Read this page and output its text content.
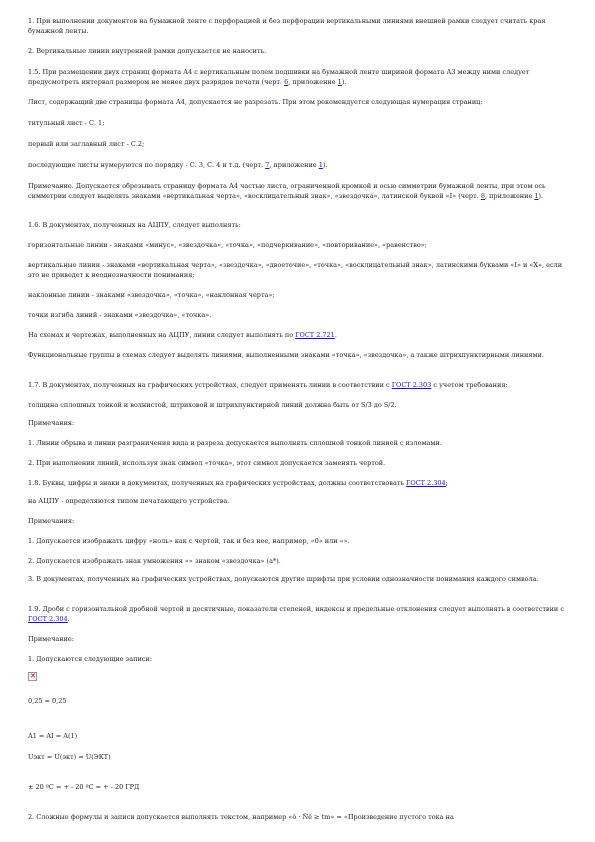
1. При выполнении документов на бумажной ленте с перфорацией и без перфорации вертикальными линиями внешней рамки следует считать края бумажной ленты.

2. Вертикальные линии внутренней рамки допускается не наносить.

1.5. При размещении двух страниц формата А4 с вертикальным полем подшивки на бумажной ленте шириной формата А3 между ними следует предусмотреть интервал размером не менее двух разрядов печати (черт. 6, приложение 1).

Лист, содержащий две страницы формата А4, допускается не разрезать. При этом рекомендуется следующая нумерация страниц:

титульный лист - С. 1;

первый или заглавный лист - С.2;

последующие листы нумеруются по порядку - С. 3, С. 4 и т.д. (черт. 7, приложение 1).

Примечание. Допускается обрезывать страницу формата А4 частью листа, ограниченной кромкой и осью симметрии бумажной ленты, при этом ось симметрии следует выделять знаками «вертикальная черта», «восклицательный знак», «звездочка», латинской буквой «I» (черт. 8, приложение 1).

1.6. В документах, полученных на АЦПУ, следует выполнять:

горизонтальные линии - знаками «минус», «звездочка», «точка», «подчеркивание», «повторивание», «равенство»;

вертикальные линии - знаками «вертикальная черта», «звездочка», «двоеточие», «точка», «восклицательный знак», латинскими буквами «I» и «Х», если это не приведет к неоднозначности понимания;

наклонные линии - знаками «звездочка», «точка», «наклонная черта»;

точки изгиба линий - знаками «звездочка», «точка».

На схемах и чертежах, выполненных на АЦПУ, линии следует выполнять по ГОСТ 2.721.

Функциональные группы в схемах следует выделять линиями, выполненными знаками «точка», «звездочка», а также штрихпунктирными линиями.

1.7. В документах, полученных на графических устройствах, следует применять линии в соответствии с ГОСТ 2.303 с учетом требования:

толщина сплошных тонкой и волнистой, штриховой и штрихпунктирной линий должна быть от S/3 до S/2.

Примечания:

1. Линии обрыва и линии разграничения вида и разреза допускается выполнять сплошной тонкой линией с изломами.

2. При выполнении линий, используя знак символ «точка», этот символ допускается заменять чертой.

1.8. Буквы, цифры и знаки в документах, полученных на графических устройствах, должны соответствовать ГОСТ 2.304;

на АЦПУ - определяются типом печатающего устройства.

Примечания:

1. Допускается изображать цифру «ноль» как с чертой, так и без нее, например, «0» или «».

2. Допускается изображать знак умножения «» знаком «звездочка» (а*).

3. В документах, полученных на графических устройствах, допускаются другие шрифты при условии однозначности понимания каждого символа.

1.9. Дроби с горизонтальной дробной чертой и десятичные, показатели степеней, индексы и предельные отклонения следует выполнять в соответствии с ГОСТ 2.304.

Примечание:

1. Допускаются следующие записи:

✕

0,25 = 0,25

A1 = AI = A(1)

Uэкт = U(экт) = U(ЭКТ)

± 20 ºС = + - 20 ºС = + - 20 ГРД

2. Сложные формулы и записи допускается выполнять текстом, например «ô · Ñê ≥ tm» = «Произведение пустого тока на
